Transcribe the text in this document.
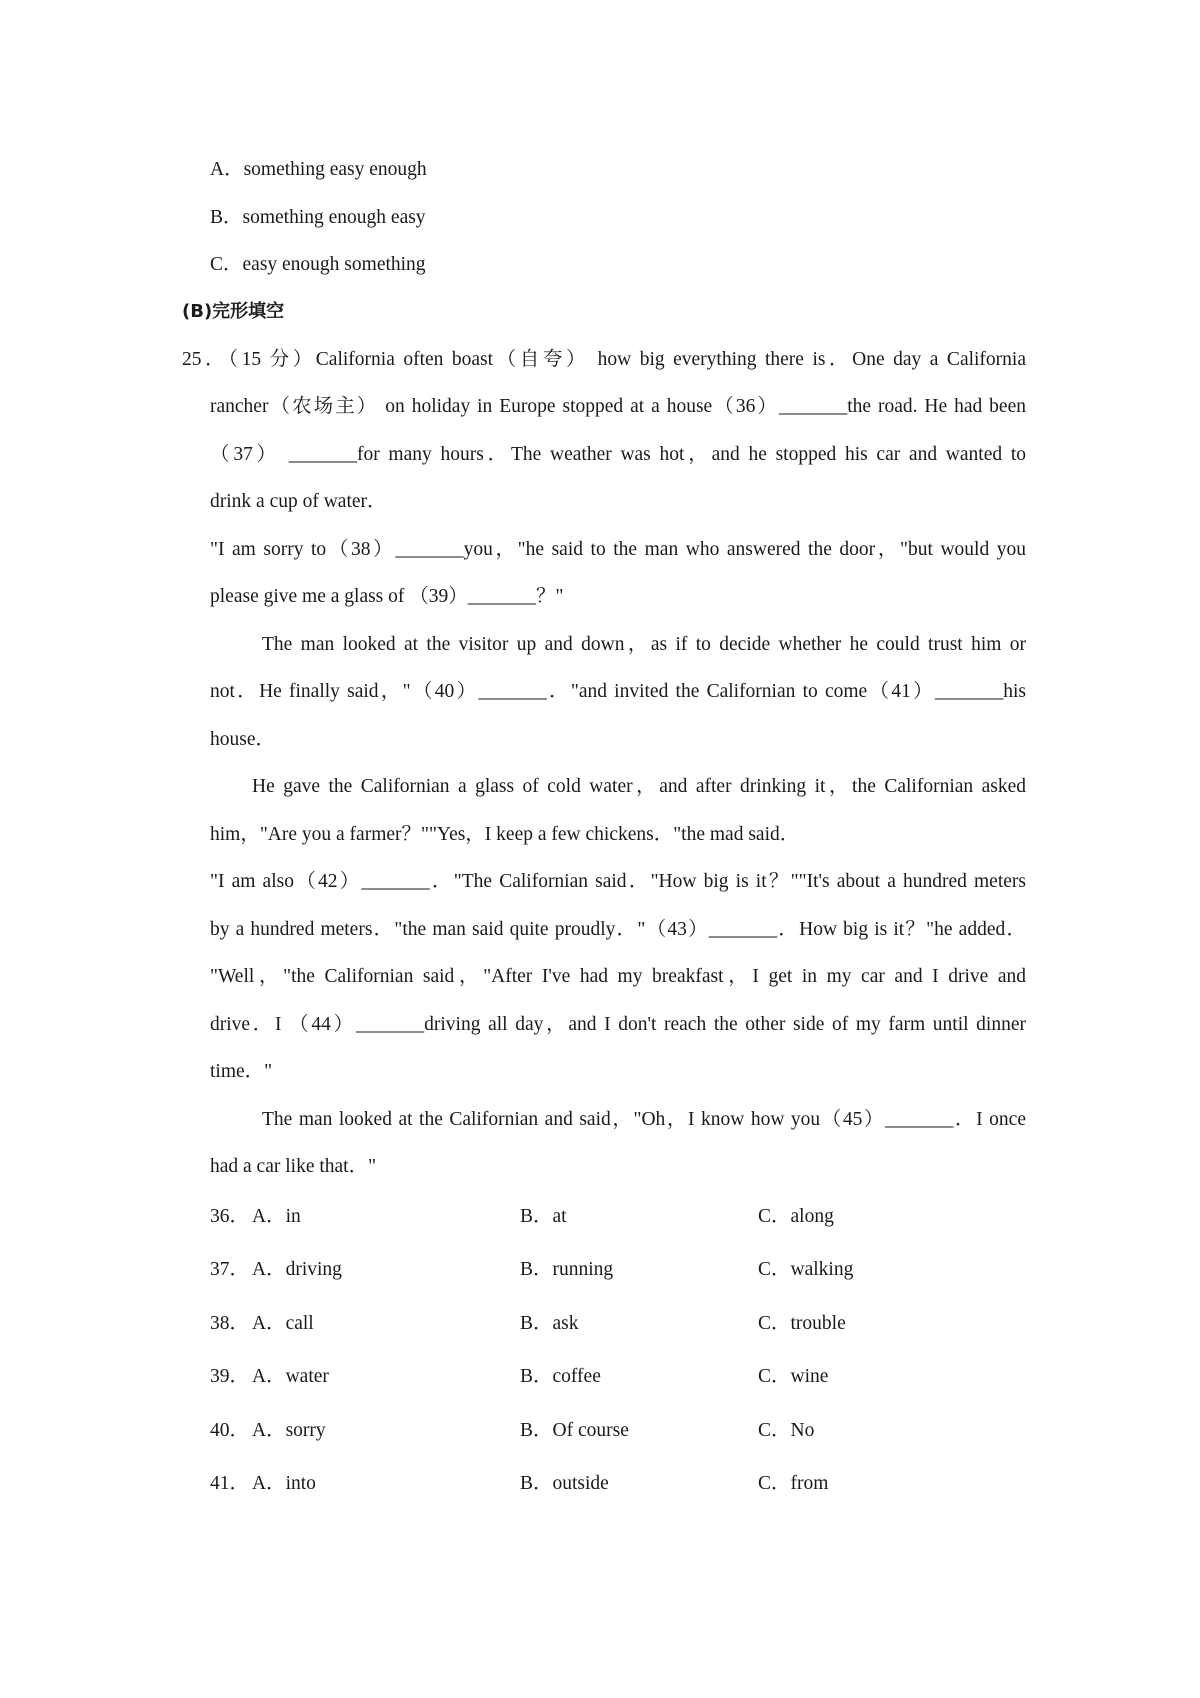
A．something easy enough
B．something enough easy
C．easy enough something
(B)完形填空
25．（15 分）California often boast（自夸） how big everything there is．One day a California
rancher（农场主） on holiday in Europe stopped at a house（36）_______the road. He had been
（37） _______for many hours．The weather was hot，and he stopped his car and wanted to
drink a cup of water．
"I am sorry to（38）_______you，"he said to the man who answered the door，"but would you
please give me a glass of （39）_______？"
The man looked at the visitor up and down，as if to decide whether he could trust him or
not．He finally said，"（40）_______．"and invited the Californian to come（41）_______his
house．
He gave the Californian a glass of cold water，and after drinking it，the Californian asked
him，"Are you a farmer？""Yes，I keep a few chickens．"the mad said．
"I am also（42）_______．"The Californian said．"How big is it？""It's about a hundred meters
by a hundred meters．"the man said quite proudly．"（43）_______．How big is it？"he added．
"Well，"the Californian said，"After I've had my breakfast，I get in my car and I drive and
drive．I （44）_______driving all day，and I don't reach the other side of my farm until dinner
time．"
The man looked at the Californian and said，"Oh，I know how you（45）_______．I once
had a car like that．"
36． A．in	B．at	C．along
37． A．driving	B．running	C．walking
38． A．call	B．ask	C．trouble
39． A．water	B．coffee	C．wine
40． A．sorry	B．Of course	C．No
41． A．into	B．outside	C．from
